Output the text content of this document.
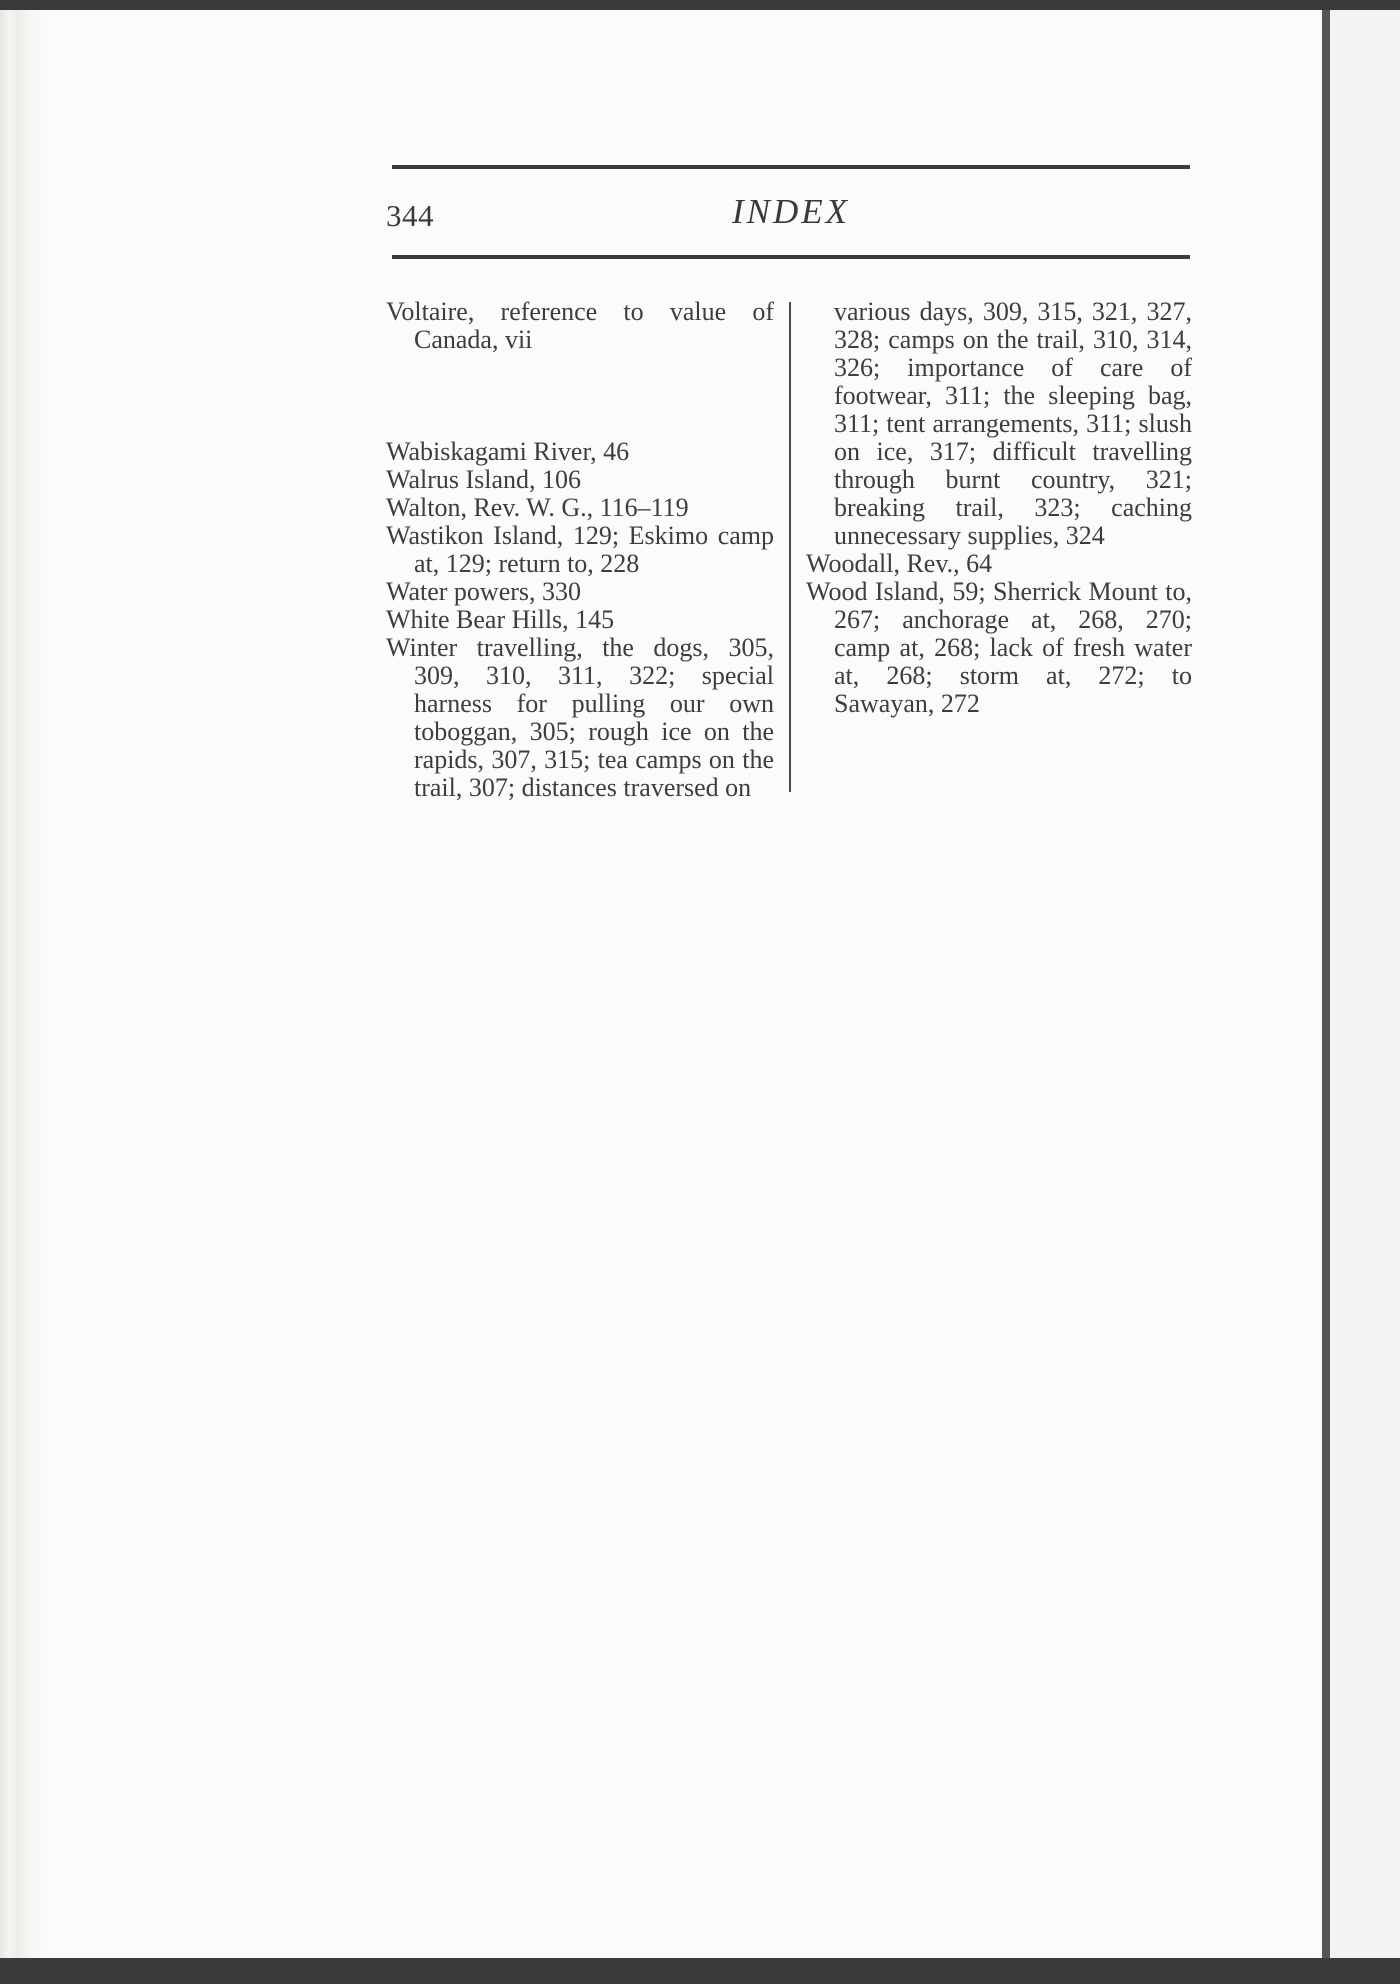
344	INDEX

Voltaire, reference to value of Canada, vii

Wabiskagami River, 46

Walrus Island, 106

Walton, Rev. W. G., 116–119

Wastikon Island, 129; Eskimo camp at, 129; return to, 228

Water powers, 330

White Bear Hills, 145

Winter travelling, the dogs, 305, 309, 310, 311, 322; special harness for pulling our own toboggan, 305; rough ice on the rapids, 307, 315; tea camps on the trail, 307; distances traversed on

various days, 309, 315, 321, 327, 328; camps on the trail, 310, 314, 326; importance of care of footwear, 311; the sleeping bag, 311; tent arrangements, 311; slush on ice, 317; difficult travelling through burnt country, 321; breaking trail, 323; caching unnecessary supplies, 324

Woodall, Rev., 64

Wood Island, 59; Sherrick Mount to, 267; anchorage at, 268, 270; camp at, 268; lack of fresh water at, 268; storm at, 272; to Sawayan, 272
